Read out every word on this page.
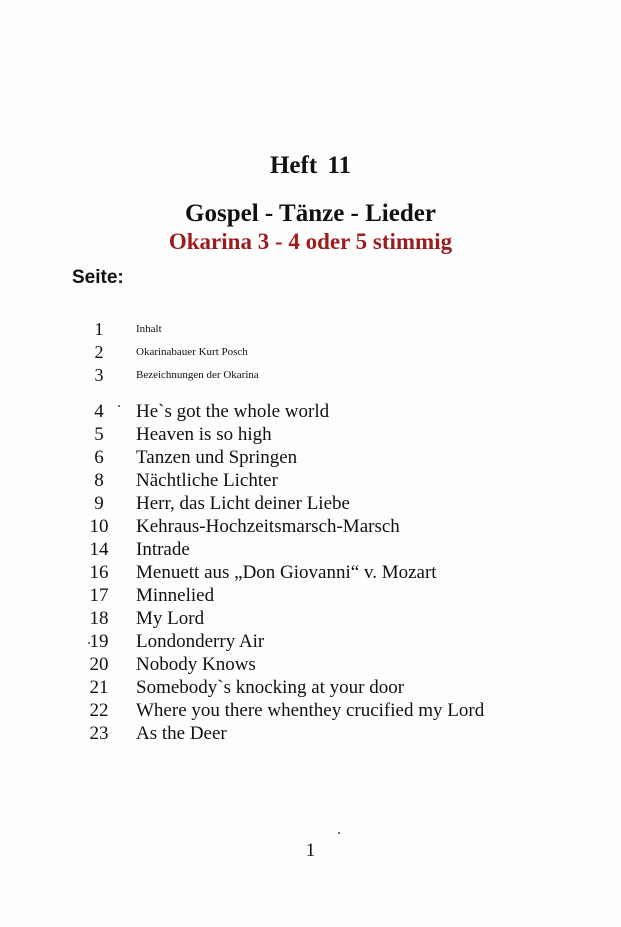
Heft 11
Gospel - Tänze - Lieder
Okarina 3 - 4 oder 5 stimmig
Seite:
1	Inhalt
2	Okarinabauer Kurt Posch
3	Bezeichnungen der Okarina
4	He`s got the whole world
5	Heaven is so high
6	Tanzen und Springen
8	Nächtliche Lichter
9	Herr, das Licht deiner Liebe
10	Kehraus-Hochzeitsmarsch-Marsch
14	Intrade
16	Menuett aus „Don Giovanni“ v. Mozart
17	Minnelied
18	My Lord
19	Londonderry Air
20	Nobody Knows
21	Somebody`s knocking at your door
22	Where you there whenthey crucified my Lord
23	As the Deer
1
